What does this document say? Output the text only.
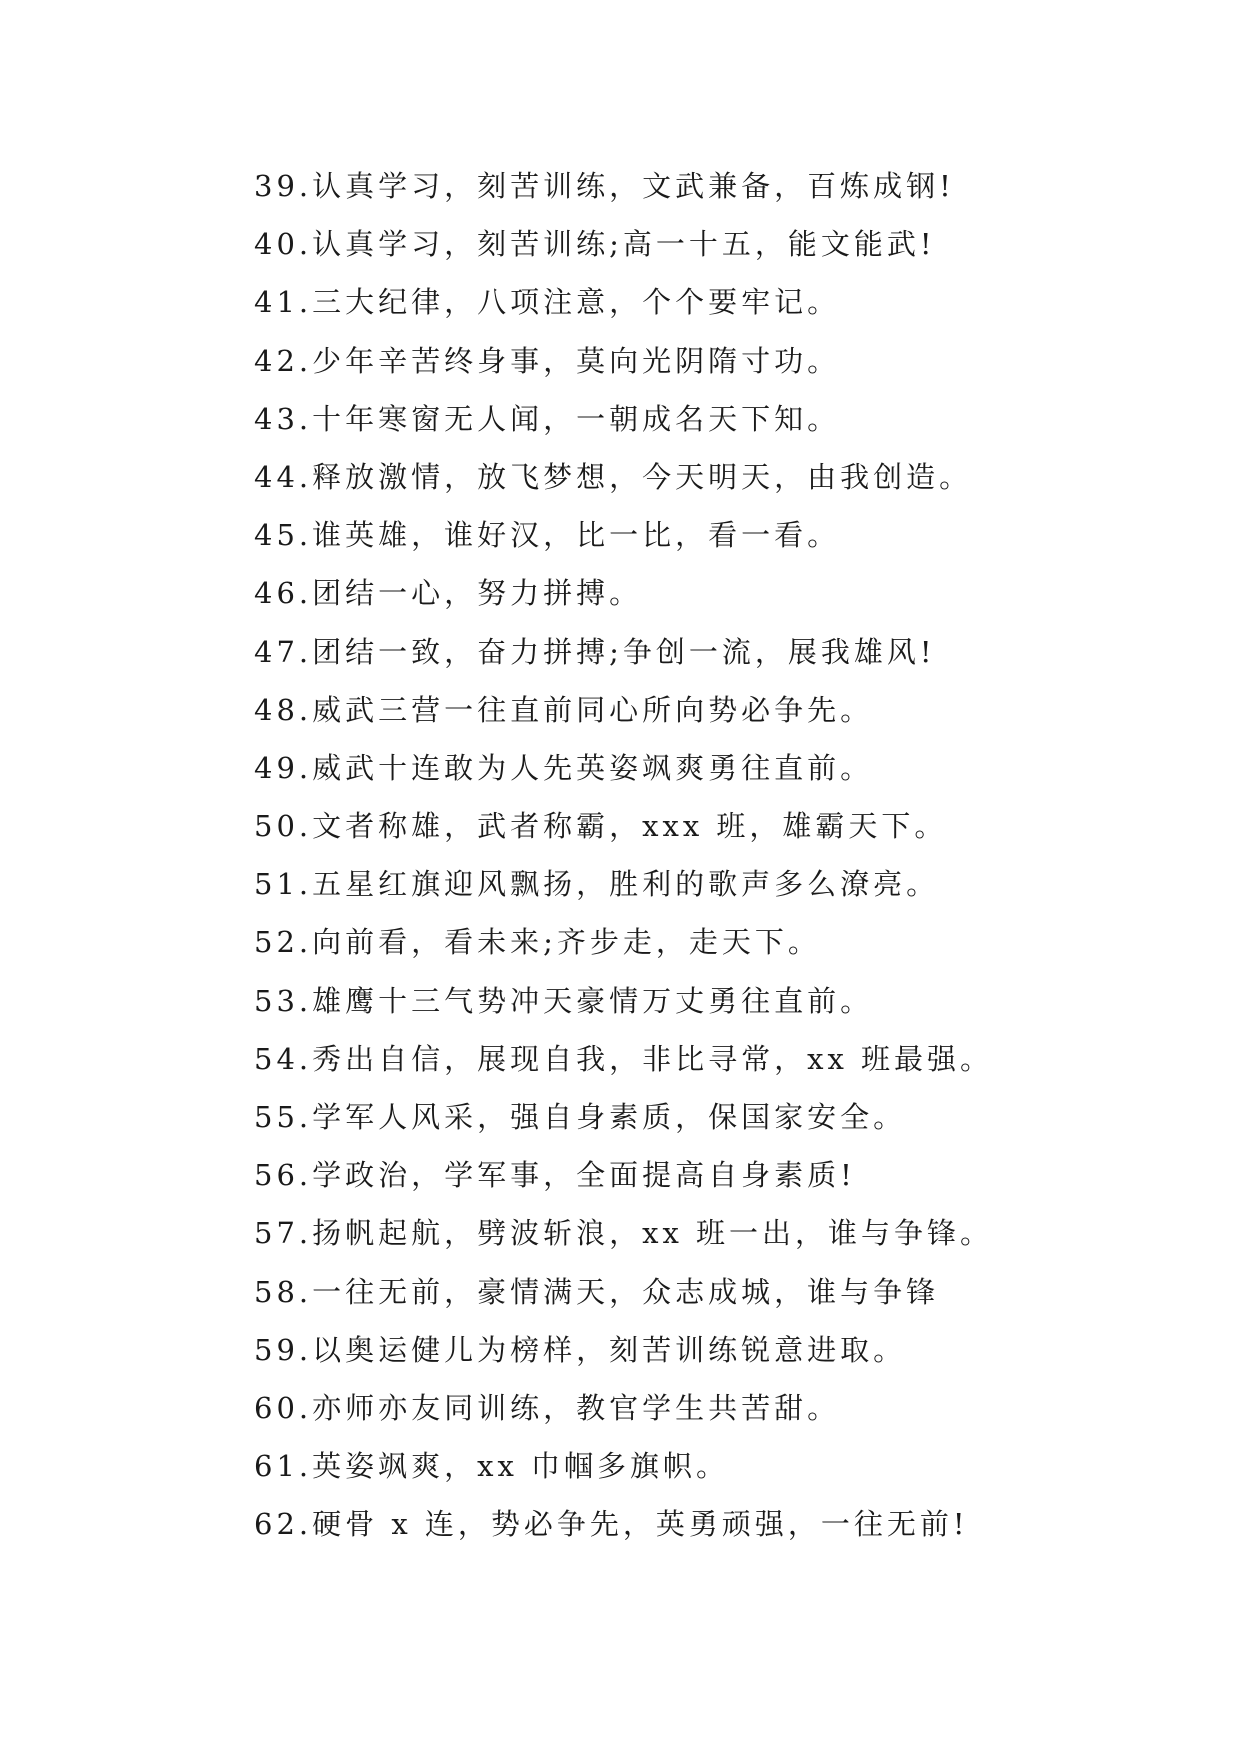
39.认真学习，刻苦训练，文武兼备，百炼成钢!
40.认真学习，刻苦训练;高一十五，能文能武!
41.三大纪律，八项注意，个个要牢记。
42.少年辛苦终身事，莫向光阴隋寸功。
43.十年寒窗无人闻，一朝成名天下知。
44.释放激情，放飞梦想，今天明天，由我创造。
45.谁英雄，谁好汉，比一比，看一看。
46.团结一心，努力拼搏。
47.团结一致，奋力拼搏;争创一流，展我雄风!
48.威武三营一往直前同心所向势必争先。
49.威武十连敢为人先英姿飒爽勇往直前。
50.文者称雄，武者称霸，xxx 班，雄霸天下。
51.五星红旗迎风飘扬，胜利的歌声多么潦亮。
52.向前看，看未来;齐步走，走天下。
53.雄鹰十三气势冲天豪情万丈勇往直前。
54.秀出自信，展现自我，非比寻常，xx 班最强。
55.学军人风采，强自身素质，保国家安全。
56.学政治，学军事，全面提高自身素质!
57.扬帆起航，劈波斩浪，xx 班一出，谁与争锋。
58.一往无前，豪情满天，众志成城，谁与争锋
59.以奥运健儿为榜样，刻苦训练锐意进取。
60.亦师亦友同训练，教官学生共苦甜。
61.英姿飒爽，xx 巾帼多旗帜。
62.硬骨 x 连，势必争先，英勇顽强，一往无前!
